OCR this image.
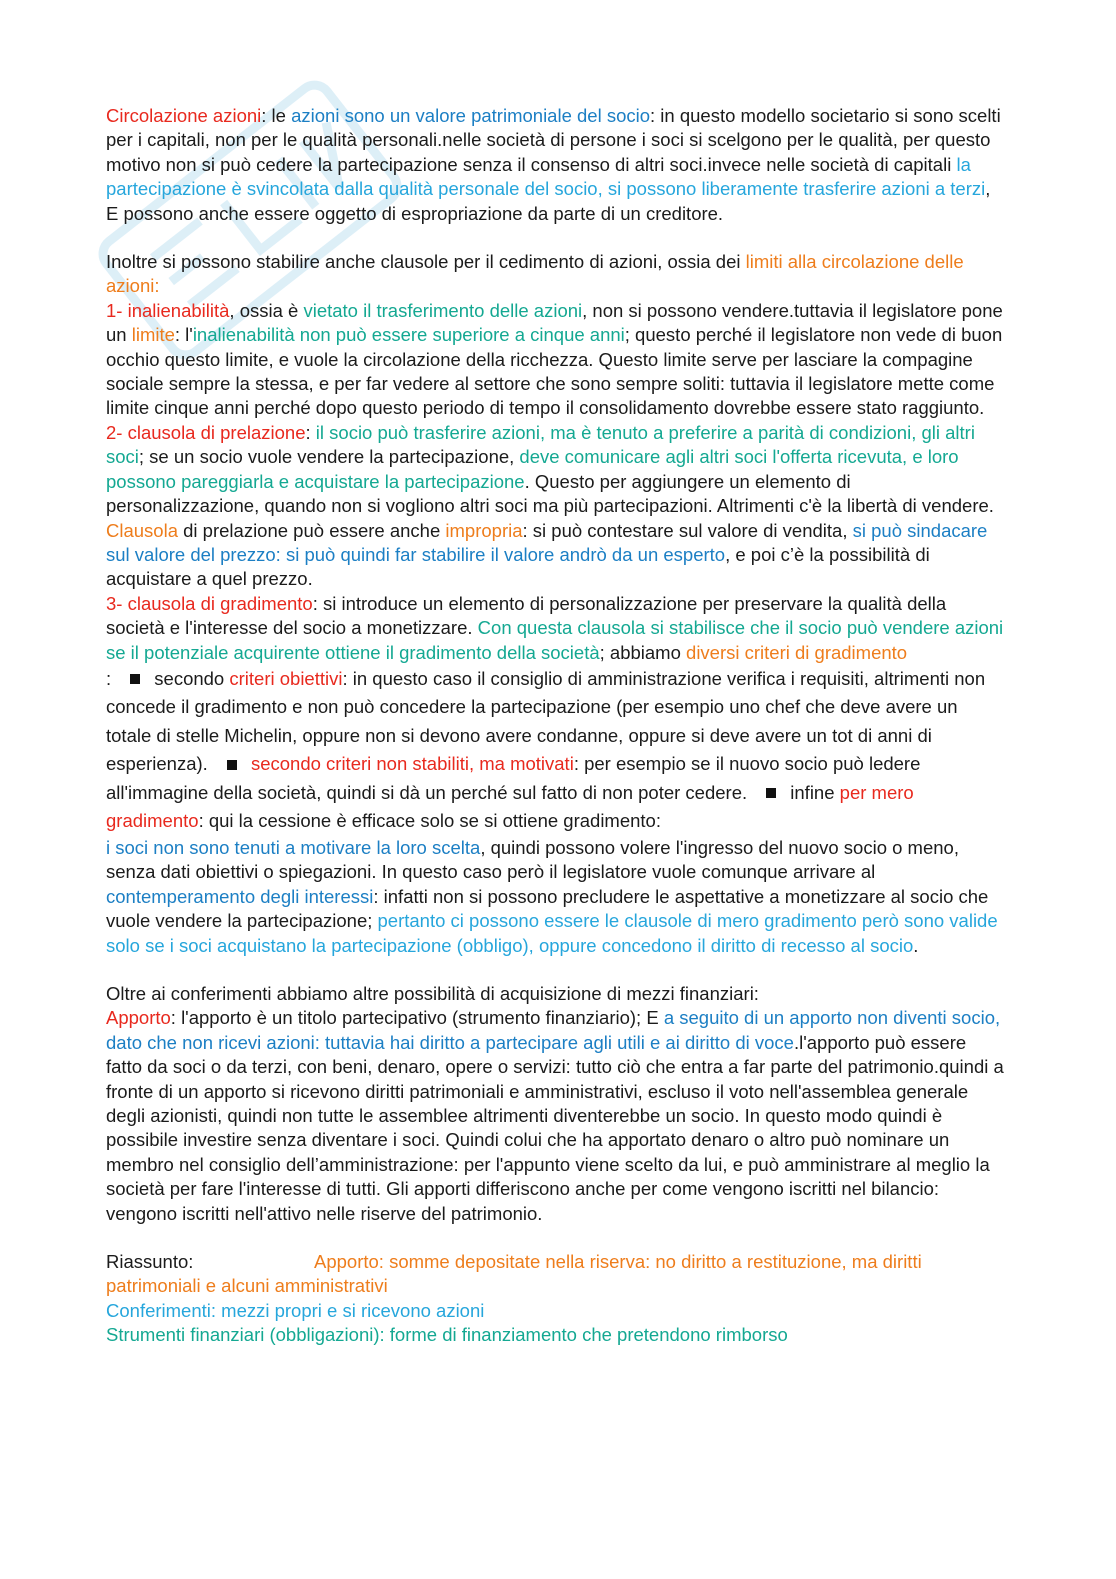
Circolazione azioni: le azioni sono un valore patrimoniale del socio: in questo modello societario si sono scelti per i capitali, non per le qualità personali.nelle società di persone i soci si scelgono per le qualità, per questo motivo non si può cedere la partecipazione senza il consenso di altri soci.invece nelle società di capitali la partecipazione è svincolata dalla qualità personale del socio, si possono liberamente trasferire azioni a terzi, E possono anche essere oggetto di espropriazione da parte di un creditore.

Inoltre si possono stabilire anche clausole per il cedimento di azioni, ossia dei limiti alla circolazione delle azioni:
1- inalienabilità, ossia è vietato il trasferimento delle azioni, non si possono vendere.tuttavia il legislatore pone un limite: l'inalienabilità non può essere superiore a cinque anni; questo perché il legislatore non vede di buon occhio questo limite, e vuole la circolazione della ricchezza. Questo limite serve per lasciare la compagine sociale sempre la stessa, e per far vedere al settore che sono sempre soliti: tuttavia il legislatore mette come limite cinque anni perché dopo questo periodo di tempo il consolidamento dovrebbe essere stato raggiunto.
2- clausola di prelazione: il socio può trasferire azioni, ma è tenuto a preferire a parità di condizioni, gli altri soci; se un socio vuole vendere la partecipazione, deve comunicare agli altri soci l'offerta ricevuta, e loro possono pareggiarla e acquistare la partecipazione. Questo per aggiungere un elemento di personalizzazione, quando non si vogliono altri soci ma più partecipazioni. Altrimenti c'è la libertà di vendere. Clausola di prelazione può essere anche impropria: si può contestare sul valore di vendita, si può sindacare sul valore del prezzo: si può quindi far stabilire il valore andrò da un esperto, e poi c’è la possibilità di acquistare a quel prezzo.
3- clausola di gradimento: si introduce un elemento di personalizzazione per preservare la qualità della società e l'interesse del socio a monetizzare. Con questa clausola si stabilisce che il socio può vendere azioni se il potenziale acquirente ottiene il gradimento della società; abbiamo diversi criteri di gradimento

: secondo criteri obiettivi: in questo caso il consiglio di amministrazione verifica i requisiti, altrimenti non concede il gradimento e non può concedere la partecipazione (per esempio uno chef che deve avere un totale di stelle Michelin, oppure non si devono avere condanne, oppure si deve avere un tot di anni di esperienza). secondo criteri non stabiliti, ma motivati: per esempio se il nuovo socio può ledere all'immagine della società, quindi si dà un perché sul fatto di non poter cedere. infine per mero gradimento: qui la cessione è efficace solo se si ottiene gradimento:

i soci non sono tenuti a motivare la loro scelta, quindi possono volere l'ingresso del nuovo socio o meno, senza dati obiettivi o spiegazioni. In questo caso però il legislatore vuole comunque arrivare al contemperamento degli interessi: infatti non si possono precludere le aspettative a monetizzare al socio che vuole vendere la partecipazione; pertanto ci possono essere le clausole di mero gradimento però sono valide solo se i soci acquistano la partecipazione (obbligo), oppure concedono il diritto di recesso al socio.

Oltre ai conferimenti abbiamo altre possibilità di acquisizione di mezzi finanziari:
Apporto: l'apporto è un titolo partecipativo (strumento finanziario); E a seguito di un apporto non diventi socio, dato che non ricevi azioni: tuttavia hai diritto a partecipare agli utili e ai diritto di voce.l'apporto può essere fatto da soci o da terzi, con beni, denaro, opere o servizi: tutto ciò che entra a far parte del patrimonio.quindi a fronte di un apporto si ricevono diritti patrimoniali e amministrativi, escluso il voto nell'assemblea generale degli azionisti, quindi non tutte le assemblee altrimenti diventerebbe un socio. In questo modo quindi è possibile investire senza diventare i soci. Quindi colui che ha apportato denaro o altro può nominare un membro nel consiglio dell’amministrazione: per l'appunto viene scelto da lui, e può amministrare al meglio la società per fare l'interesse di tutti. Gli apporti differiscono anche per come vengono iscritti nel bilancio: vengono iscritti nell'attivo nelle riserve del patrimonio.

Riassunto:	Apporto: somme depositate nella riserva: no diritto a restituzione, ma diritti patrimoniali e alcuni amministrativi
Conferimenti: mezzi propri e si ricevono azioni
Strumenti finanziari (obbligazioni): forme di finanziamento che pretendono rimborso
